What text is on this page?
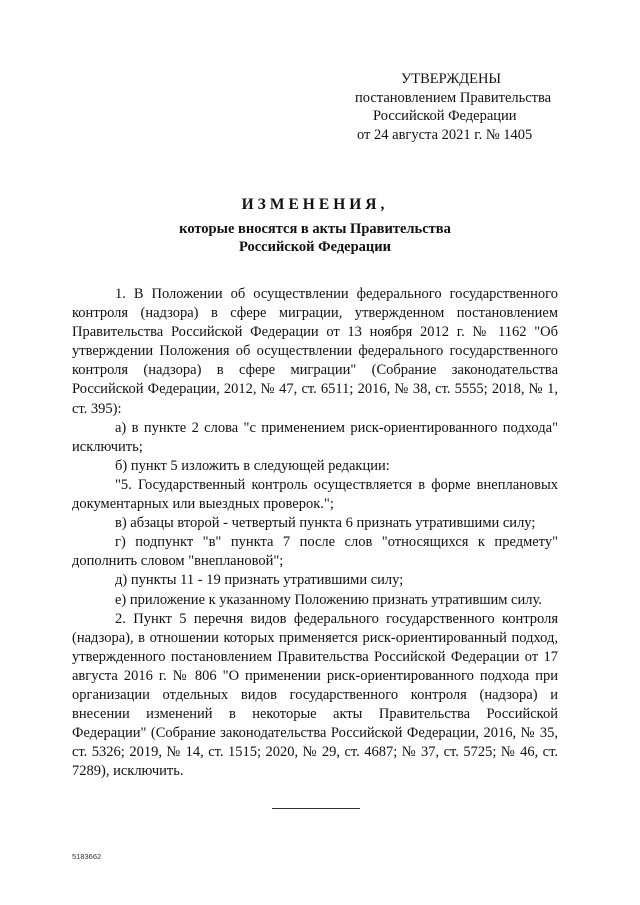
УТВЕРЖДЕНЫ
постановлением Правительства
Российской Федерации
от 24 августа 2021 г. № 1405
ИЗМЕНЕНИЯ,
которые вносятся в акты Правительства
Российской Федерации

1. В Положении об осуществлении федерального государственного контроля (надзора) в сфере миграции, утвержденном постановлением Правительства Российской Федерации от 13 ноября 2012 г. № 1162 "Об утверждении Положения об осуществлении федерального государственного контроля (надзора) в сфере миграции" (Собрание законодательства Российской Федерации, 2012, № 47, ст. 6511; 2016, № 38, ст. 5555; 2018, № 1, ст. 395):

а) в пункте 2 слова "с применением риск-ориентированного подхода" исключить;

б) пункт 5 изложить в следующей редакции:

"5. Государственный контроль осуществляется в форме внеплановых документарных или выездных проверок.";

в) абзацы второй - четвертый пункта 6 признать утратившими силу;

г) подпункт "в" пункта 7 после слов "относящихся к предмету" дополнить словом "внеплановой";

д) пункты 11 - 19 признать утратившими силу;

е) приложение к указанному Положению признать утратившим силу.

2. Пункт 5 перечня видов федерального государственного контроля (надзора), в отношении которых применяется риск-ориентированный подход, утвержденного постановлением Правительства Российской Федерации от 17 августа 2016 г. № 806 "О применении риск-ориентированного подхода при организации отдельных видов государственного контроля (надзора) и внесении изменений в некоторые акты Правительства Российской Федерации" (Собрание законодательства Российской Федерации, 2016, № 35, ст. 5326; 2019, № 14, ст. 1515; 2020, № 29, ст. 4687; № 37, ст. 5725; № 46, ст. 7289), исключить.

5183662
